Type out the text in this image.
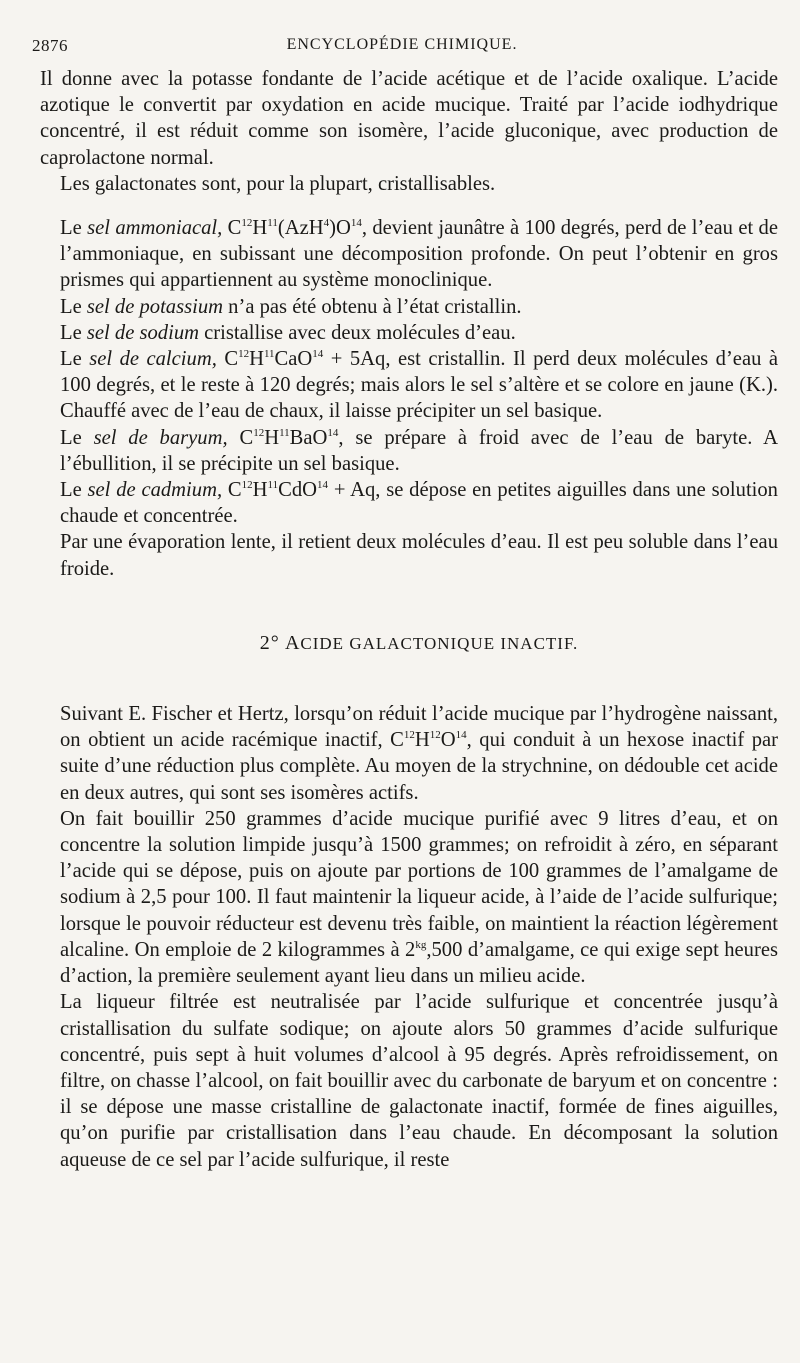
2876	ENCYCLOPÉDIE CHIMIQUE.

Il donne avec la potasse fondante de l’acide acétique et de l’acide oxalique. L’acide azotique le convertit par oxydation en acide mucique. Traité par l’acide iodhydrique concentré, il est réduit comme son isomère, l’acide gluconique, avec production de caprolactone normal.

Les galactonates sont, pour la plupart, cristallisables.

Le sel ammoniacal, $C^{12}H^{11}(AzH^4)O^{14}$, devient jaunâtre à 100 degrés, perd de l’eau et de l’ammoniaque, en subissant une décomposition profonde. On peut l’obtenir en gros prismes qui appartiennent au système monoclinique.

Le sel de potassium n’a pas été obtenu à l’état cristallin.

Le sel de sodium cristallise avec deux molécules d’eau.

Le sel de calcium, $C^{12}H^{11}CaO^{14} + 5Aq$, est cristallin. Il perd deux molécules d’eau à 100 degrés, et le reste à 120 degrés; mais alors le sel s’altère et se colore en jaune (K.). Chauffé avec de l’eau de chaux, il laisse précipiter un sel basique.

Le sel de baryum, $C^{12}H^{11}BaO^{14}$, se prépare à froid avec de l’eau de baryte. A l’ébullition, il se précipite un sel basique.

Le sel de cadmium, $C^{12}H^{11}CdO^{14} + Aq$, se dépose en petites aiguilles dans une solution chaude et concentrée.

Par une évaporation lente, il retient deux molécules d’eau. Il est peu soluble dans l’eau froide.

2° ACIDE GALACTONIQUE INACTIF.

Suivant E. Fischer et Hertz, lorsqu’on réduit l’acide mucique par l’hydrogène naissant, on obtient un acide racémique inactif, $C^{12}H^{12}O^{14}$, qui conduit à un hexose inactif par suite d’une réduction plus complète. Au moyen de la strychnine, on dédouble cet acide en deux autres, qui sont ses isomères actifs.

On fait bouillir 250 grammes d’acide mucique purifié avec 9 litres d’eau, et on concentre la solution limpide jusqu’à 1500 grammes; on refroidit à zéro, en séparant l’acide qui se dépose, puis on ajoute par portions de 100 grammes de l’amalgame de sodium à 2,5 pour 100. Il faut maintenir la liqueur acide, à l’aide de l’acide sulfurique; lorsque le pouvoir réducteur est devenu très faible, on maintient la réaction légèrement alcaline. On emploie de 2 kilogrammes à $2^{kg},500$ d’amalgame, ce qui exige sept heures d’action, la première seulement ayant lieu dans un milieu acide.

La liqueur filtrée est neutralisée par l’acide sulfurique et concentrée jusqu’à cristallisation du sulfate sodique; on ajoute alors 50 grammes d’acide sulfurique concentré, puis sept à huit volumes d’alcool à 95 degrés. Après refroidissement, on filtre, on chasse l’alcool, on fait bouillir avec du carbonate de baryum et on concentre : il se dépose une masse cristalline de galactonate inactif, formée de fines aiguilles, qu’on purifie par cristallisation dans l’eau chaude. En décomposant la solution aqueuse de ce sel par l’acide sulfurique, il reste
